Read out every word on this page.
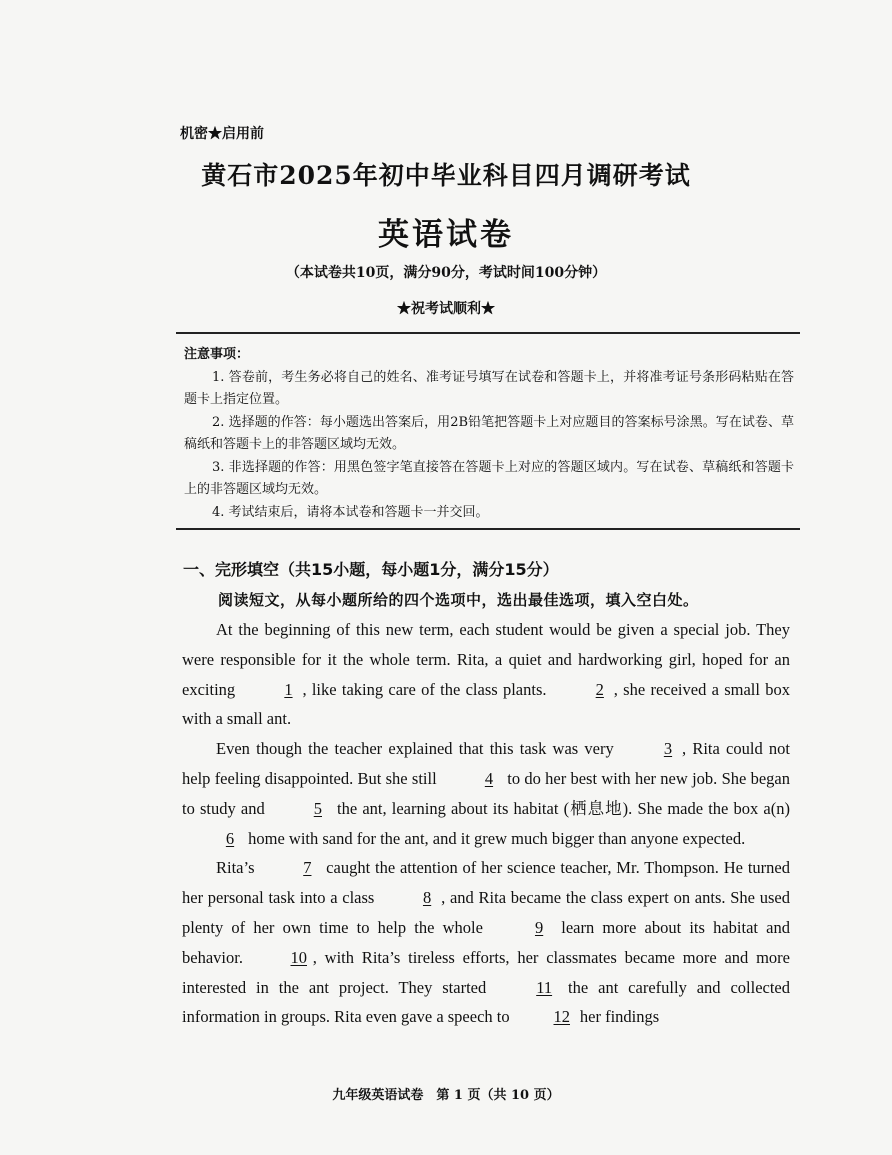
机密★启用前
黄石市2025年初中毕业科目四月调研考试
英语试卷
（本试卷共10页，满分90分，考试时间100分钟）
★祝考试顺利★
注意事项：

1. 答卷前，考生务必将自己的姓名、准考证号填写在试卷和答题卡上，并将准考证号条形码粘贴在答题卡上指定位置。

2. 选择题的作答：每小题选出答案后，用2B铅笔把答题卡上对应题目的答案标号涂黑。写在试卷、草稿纸和答题卡上的非答题区域均无效。

3. 非选择题的作答：用黑色签字笔直接答在答题卡上对应的答题区域内。写在试卷、草稿纸和答题卡上的非答题区域均无效。

4. 考试结束后，请将本试卷和答题卡一并交回。

一、完形填空（共15小题，每小题1分，满分15分）
阅读短文，从每小题所给的四个选项中，选出最佳选项，填入空白处。

At the beginning of this new term, each student would be given a special job. They were responsible for it the whole term. Rita, a quiet and hardworking girl, hoped for an exciting	1 , like taking care of the class plants.	2 , she received a small box with a small ant.

Even though the teacher explained that this task was very	3 , Rita could not help feeling disappointed. But she still	4 to do her best with her new job. She began to study and	5 the ant, learning about its habitat (栖息地). She made the box a(n) 6 home with sand for the ant, and it grew much bigger than anyone expected.

Rita’s	7 caught the attention of her science teacher, Mr. Thompson. He turned her personal task into a class	8 , and Rita became the class expert on ants. She used plenty of her own time to help the whole	9 learn more about its habitat and behavior. 10 , with Rita’s tireless efforts, her classmates became more and more interested in the ant project. They started 11 the ant carefully and collected information in groups. Rita even gave a speech to 12 her findings

九年级英语试卷　第 1 页（共 10 页）
